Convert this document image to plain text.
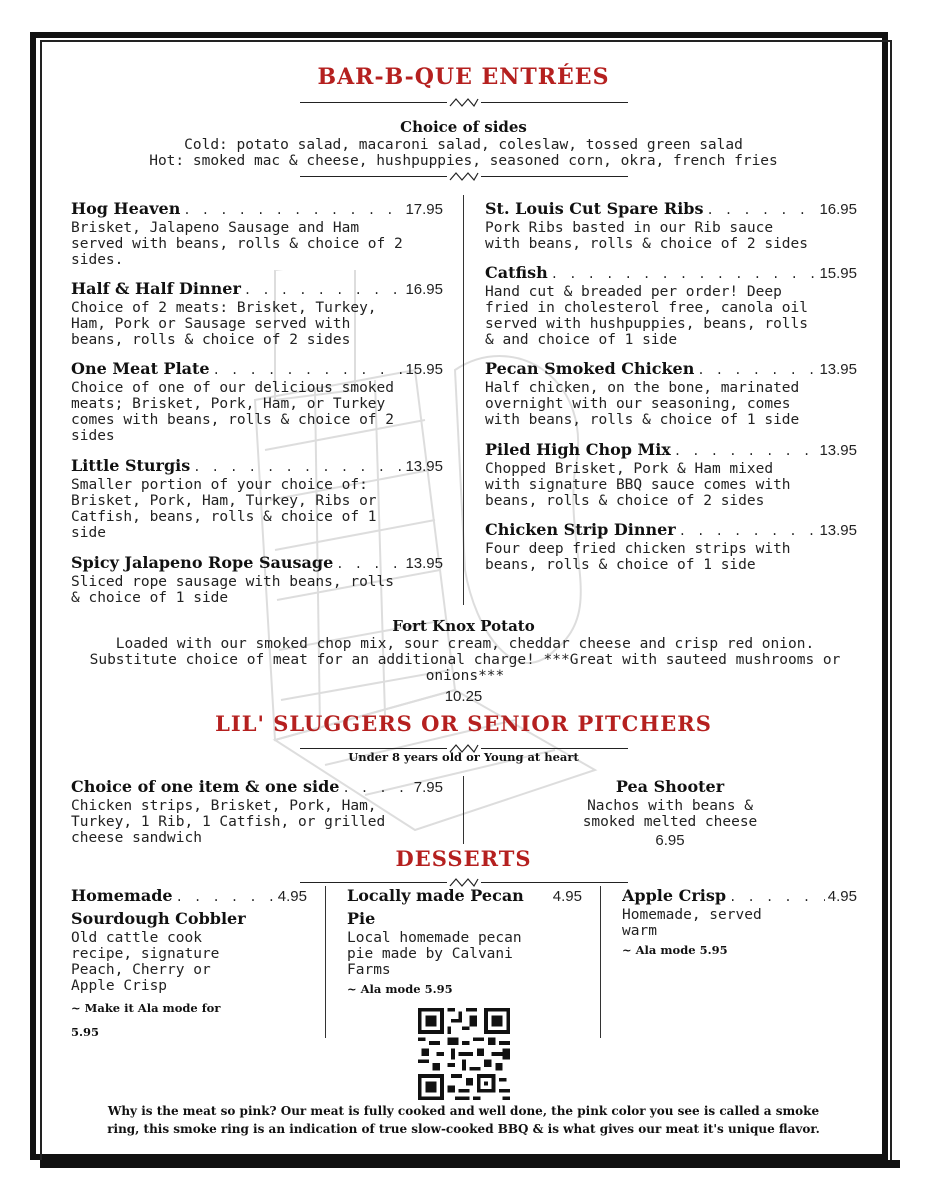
BAR-B-QUE ENTRÉES
Choice of sides
Cold: potato salad, macaroni salad, coleslaw, tossed green salad
Hot: smoked mac & cheese, hushpuppies, seasoned corn, okra, french fries
Hog Heaven . . .	17.95
Brisket, Jalapeno Sausage and Ham served with beans, rolls & choice of 2 sides.
Half & Half Dinner . . .	16.95
Choice of 2 meats: Brisket, Turkey, Ham, Pork or Sausage served with beans, rolls & choice of 2 sides
One Meat Plate . . .	15.95
Choice of one of our delicious smoked meats; Brisket, Pork, Ham, or Turkey comes with beans, rolls & choice of 2 sides
Little Sturgis . . .	13.95
Smaller portion of your choice of: Brisket, Pork, Ham, Turkey, Ribs or Catfish, beans, rolls & choice of 1 side
Spicy Jalapeno Rope Sausage . . .	13.95
Sliced rope sausage with beans, rolls & choice of 1 side
St. Louis Cut Spare Ribs . . .	16.95
Pork Ribs basted in our Rib sauce with beans, rolls & choice of 2 sides
Catfish . . .	15.95
Hand cut & breaded per order! Deep fried in cholesterol free, canola oil served with hushpuppies, beans, rolls & and choice of 1 side
Pecan Smoked Chicken . . .	13.95
Half chicken, on the bone, marinated overnight with our seasoning, comes with beans, rolls & choice of 1 side
Piled High Chop Mix . . .	13.95
Chopped Brisket, Pork & Ham mixed with signature BBQ sauce comes with beans, rolls & choice of 2 sides
Chicken Strip Dinner . . .	13.95
Four deep fried chicken strips with beans, rolls & choice of 1 side
Fort Knox Potato
Loaded with our smoked chop mix, sour cream, cheddar cheese and crisp red onion. Substitute choice of meat for an additional charge! ***Great with sauteed mushrooms or onions***
10.25
LIL' SLUGGERS OR SENIOR PITCHERS
Under 8 years old or Young at heart
Choice of one item & one side . . .	7.95
Chicken strips, Brisket, Pork, Ham, Turkey, 1 Rib, 1 Catfish, or grilled cheese sandwich
Pea Shooter
Nachos with beans & smoked melted cheese
6.95
DESSERTS
Homemade . . .	4.95
Sourdough Cobbler
Old cattle cook recipe, signature Peach, Cherry or Apple Crisp
~ Make it Ala mode for 5.95
Locally made Pecan 4.95
Pie
Local homemade pecan pie made by Calvani Farms
~ Ala mode 5.95
Apple Crisp . . .	4.95
Homemade, served warm
~ Ala mode 5.95
Why is the meat so pink? Our meat is fully cooked and well done, the pink color you see is called a smoke ring, this smoke ring is an indication of true slow-cooked BBQ & is what gives our meat it's unique flavor.
